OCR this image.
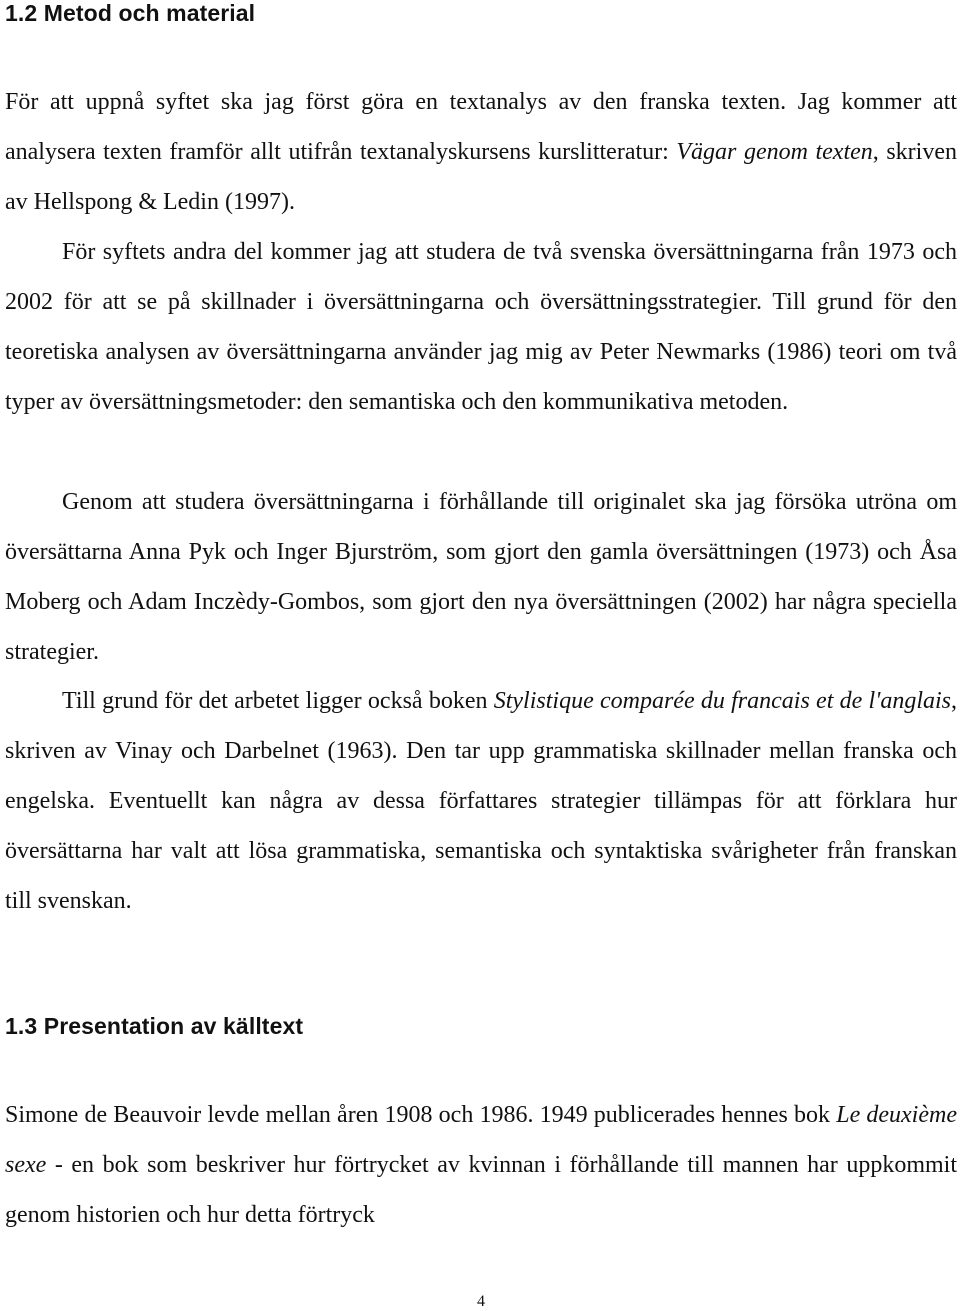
1.2 Metod och material

För att uppnå syftet ska jag först göra en textanalys av den franska texten. Jag kommer att analysera texten framför allt utifrån textanalyskursens kurslitteratur: Vägar genom texten, skriven av Hellspong & Ledin (1997).
För syftets andra del kommer jag att studera de två svenska översättningarna från 1973 och 2002 för att se på skillnader i översättningarna och översättningsstrategier. Till grund för den teoretiska analysen av översättningarna använder jag mig av Peter Newmarks (1986) teori om två typer av översättningsmetoder: den semantiska och den kommunikativa metoden.

Genom att studera översättningarna i förhållande till originalet ska jag försöka utröna om översättarna Anna Pyk och Inger Bjurström, som gjort den gamla översättningen (1973) och Åsa Moberg och Adam Inczèdy-Gombos, som gjort den nya översättningen (2002) har några speciella strategier.

Till grund för det arbetet ligger också boken Stylistique comparée du francais et de l'anglais, skriven av Vinay och Darbelnet (1963). Den tar upp grammatiska skillnader mellan franska och engelska. Eventuellt kan några av dessa författares strategier tillämpas för att förklara hur översättarna har valt att lösa grammatiska, semantiska och syntaktiska svårigheter från franskan till svenskan.

1.3 Presentation av källtext

Simone de Beauvoir levde mellan åren 1908 och 1986. 1949 publicerades hennes bok Le deuxième sexe - en bok som beskriver hur förtrycket av kvinnan i förhållande till mannen har uppkommit genom historien och hur detta förtryck

4
